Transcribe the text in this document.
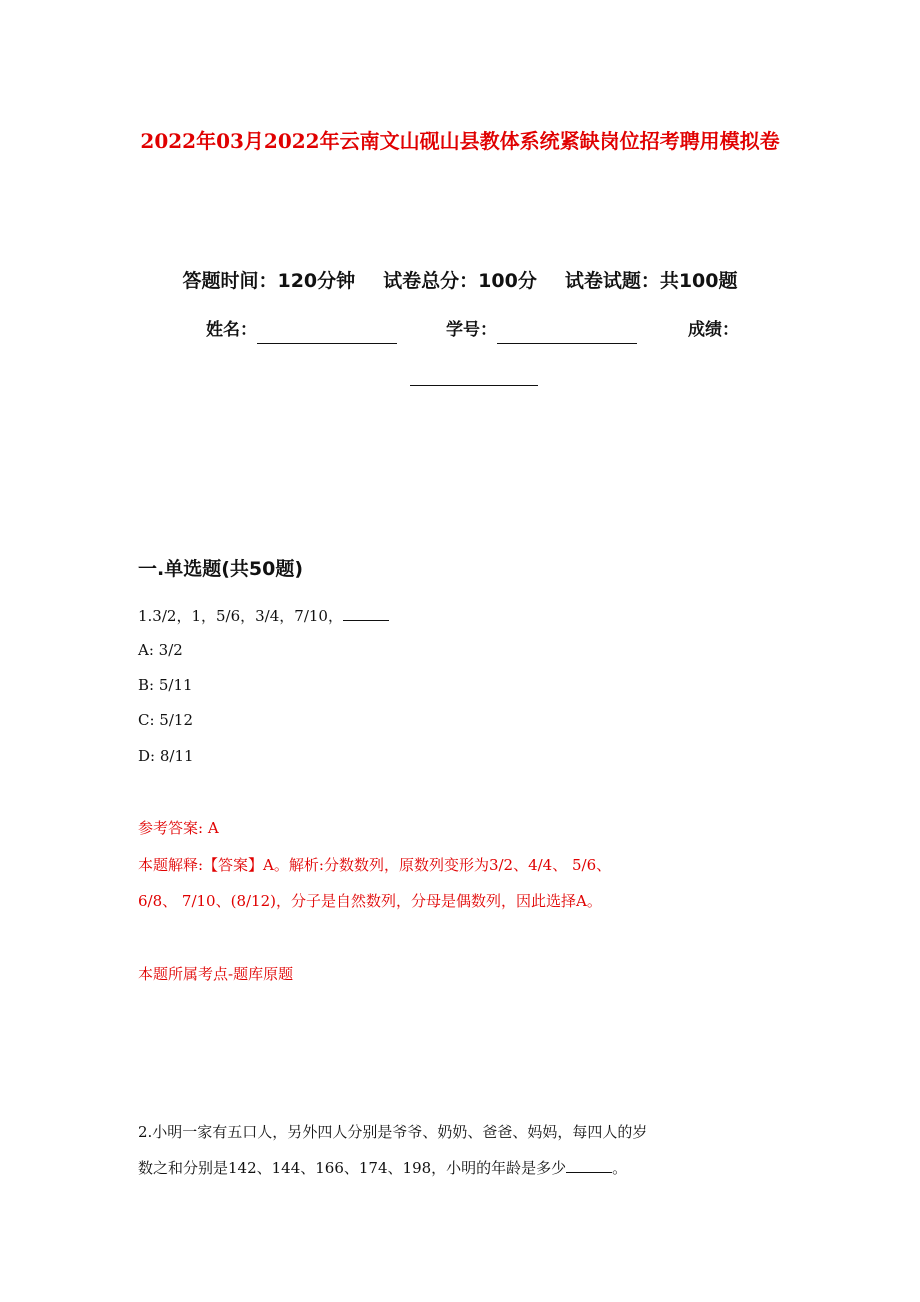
2022年03月2022年云南文山砚山县教体系统紧缺岗位招考聘用模拟卷
答题时间：120分钟 试卷总分：100分 试卷试题：共100题
姓名：	学号：	成绩：
一.单选题(共50题)
1.3/2，1，5/6，3/4，7/10，
A: 3/2
B: 5/11
C: 5/12
D: 8/11
参考答案: A
本题解释:【答案】A。解析:分数数列，原数列变形为3/2、4/4、 5/6、
6/8、 7/10、(8/12)，分子是自然数列，分母是偶数列，因此选择A。
本题所属考点-题库原题
2.小明一家有五口人，另外四人分别是爷爷、奶奶、爸爸、妈妈，每四人的岁
数之和分别是142、144、166、174、198，小明的年龄是多少	。
